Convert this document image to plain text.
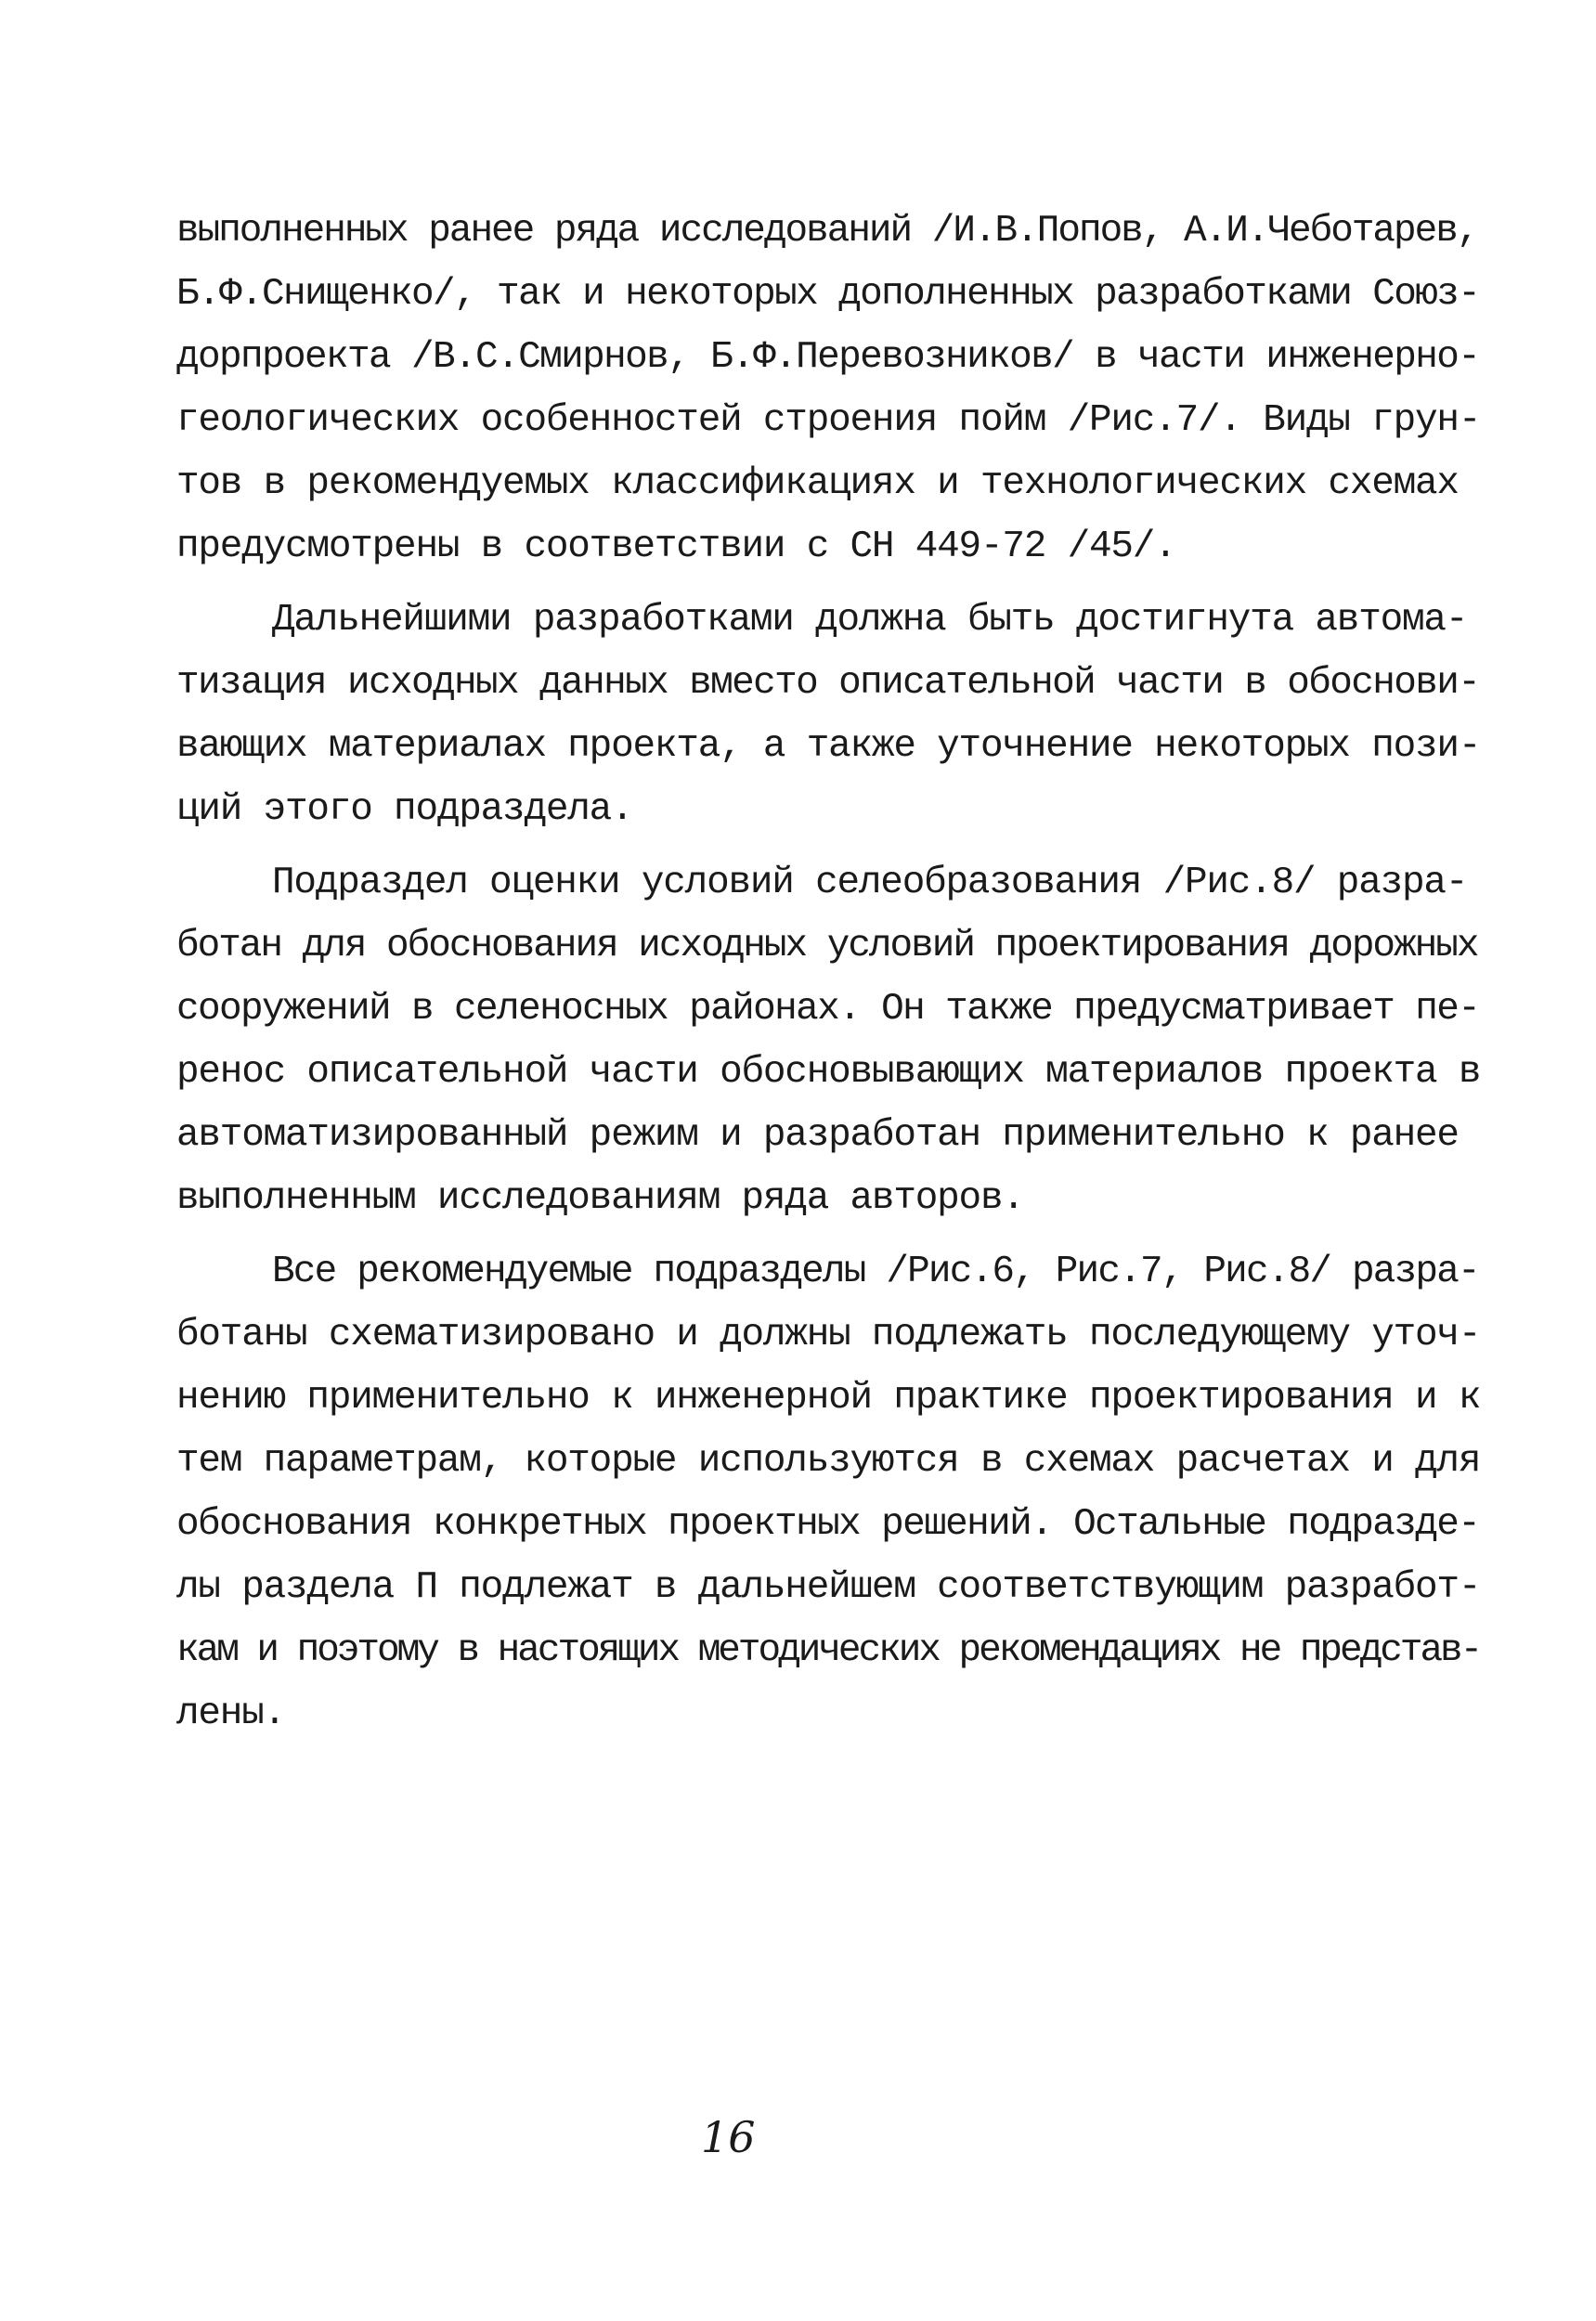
выполненных ранее ряда исследований /И.В.Попов, А.И.Чеботарев,
Б.Ф.Снищенко/, так и некоторых дополненных разработками Союз-
дорпроекта /В.С.Смирнов, Б.Ф.Перевозников/ в части инженерно-
геологических особенностей строения пойм /Рис.7/. Виды грун-
тов в рекомендуемых классификациях и технологических схемах
предусмотрены в соответствии с СН 449-72 /45/.
Дальнейшими разработками должна быть достигнута автома-
тизация исходных данных вместо описательной части в обоснови-
вающих материалах проекта, а также уточнение некоторых пози-
ций этого подраздела.
Подраздел оценки условий селеобразования /Рис.8/ разра-
ботан для обоснования исходных условий проектирования дорожных
сооружений в селеносных районах. Он также предусматривает пе-
ренос описательной части обосновывающих материалов проекта в
автоматизированный режим и разработан применительно к ранее
выполненным исследованиям ряда авторов.
Все рекомендуемые подразделы /Рис.6, Рис.7, Рис.8/ разра-
ботаны схематизировано и должны подлежать последующему уточ-
нению применительно к инженерной практике проектирования и к
тем параметрам, которые используются в схемах расчетах и для
обоснования конкретных проектных решений. Остальные подразде-
лы раздела П подлежат в дальнейшем соответствующим разработ-
кам и поэтому в настоящих методических рекомендациях не представ-
лены.
16
